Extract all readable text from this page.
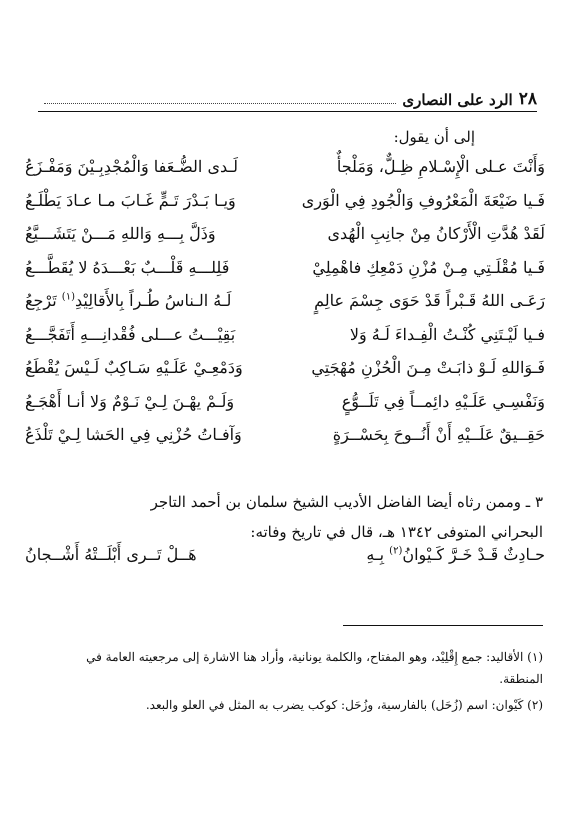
٢٨
الرد على النصارى
إلى أن يقول:
وَأَنْتَ عـلى الْإِسْـلامِ ظِـلٌّ، وَمَلْجأٌ
لَـدى الضُّـعَفا وَالْمُجْدِبِـيْنَ وَمَفْـزَعُ
فَـيا ضَيْعَةَ الْمَعْرُوفِ وَالْجُودِ فِي الْوَرى
وَيـا بَـدْرَ تَـمٍّ غَـابَ مـا عـادَ يَطْلَـعُ
لَقَدْ هُدَّتِ الْأَرْكانُ مِنْ جانِبِ الْهُدى
وَذَلَّ بِـــهِ وَاللهِ مَـــنْ يَتَشَـــيَّعُ
فَـيا مُقْلَـتِي مِـنْ مُزْنِ دَمْعِكِ فاهْمِلِيْ
فَلِلـــهِ قَلْـــبٌ بَعْـــدَهُ لا يُقَطَّـــعُ
رَعَـى اللهُ قَـبْراً قَدْ حَوَى جِسْمَ عالِمٍ
لَـهُ الـناسُ طُـراً بِالأَقالِيْدِ$^{(١)}$ تَرْجِعُ
فـيا لَيْـتَنِي كُنْـتُ الْفِـداءَ لَـهُ وَلا
بَقِيْـــتُ عـــلى فُقْدانِـــهِ أَتَفَجَّـــعُ
فَـوَاللهِ لَـوْ ذابَـتْ مِـنَ الْحُزْنِ مُهْجَتِي
وَدَمْعِـيْ عَلَـيْهِ سَـاكِبٌ لَـيْسَ يُقْطَعُ
وَنَفْسِـي عَلَـيْهِ دائِمــاً فِي تَلَــوُّعٍ
وَلَـمْ يهْـنَ لِـيْ نَـوْمٌ وَلا أنـا أَهْجَـعُ
حَقِــيقٌ عَلَــيْهِ أَنْ أَنُــوحَ بِحَسْــرَةٍ
وَآفـاتُ حُزْنِي فِي الحَشا لِـيْ تَلْذَعُ

٣ ـ وممن رثاه أيضا الفاضل الأديب الشيخ سلمان بن أحمد التاجر

البحراني المتوفى ١٣٤٢ هـ، قال في تاريخ وفاته:

حـادِثٌ قَـدْ خَـرَّ كَـيْوانُ$^{(٢)}$ بِـهِ
هَــلْ تَــرى أَبْلَــتْهُ أَشْــجانُ

(١) الأقاليد: جمع إِقْلِيْد، وهو المفتاح، والكلمة يونانية، وأراد هنا الاشارة إلى مرجعيته العامة في

المنطقة.

(٢) كَيْوان: اسم (زُحَل) بالفارسية، وزُحَل: كوكب يضرب به المثل في العلو والبعد.
